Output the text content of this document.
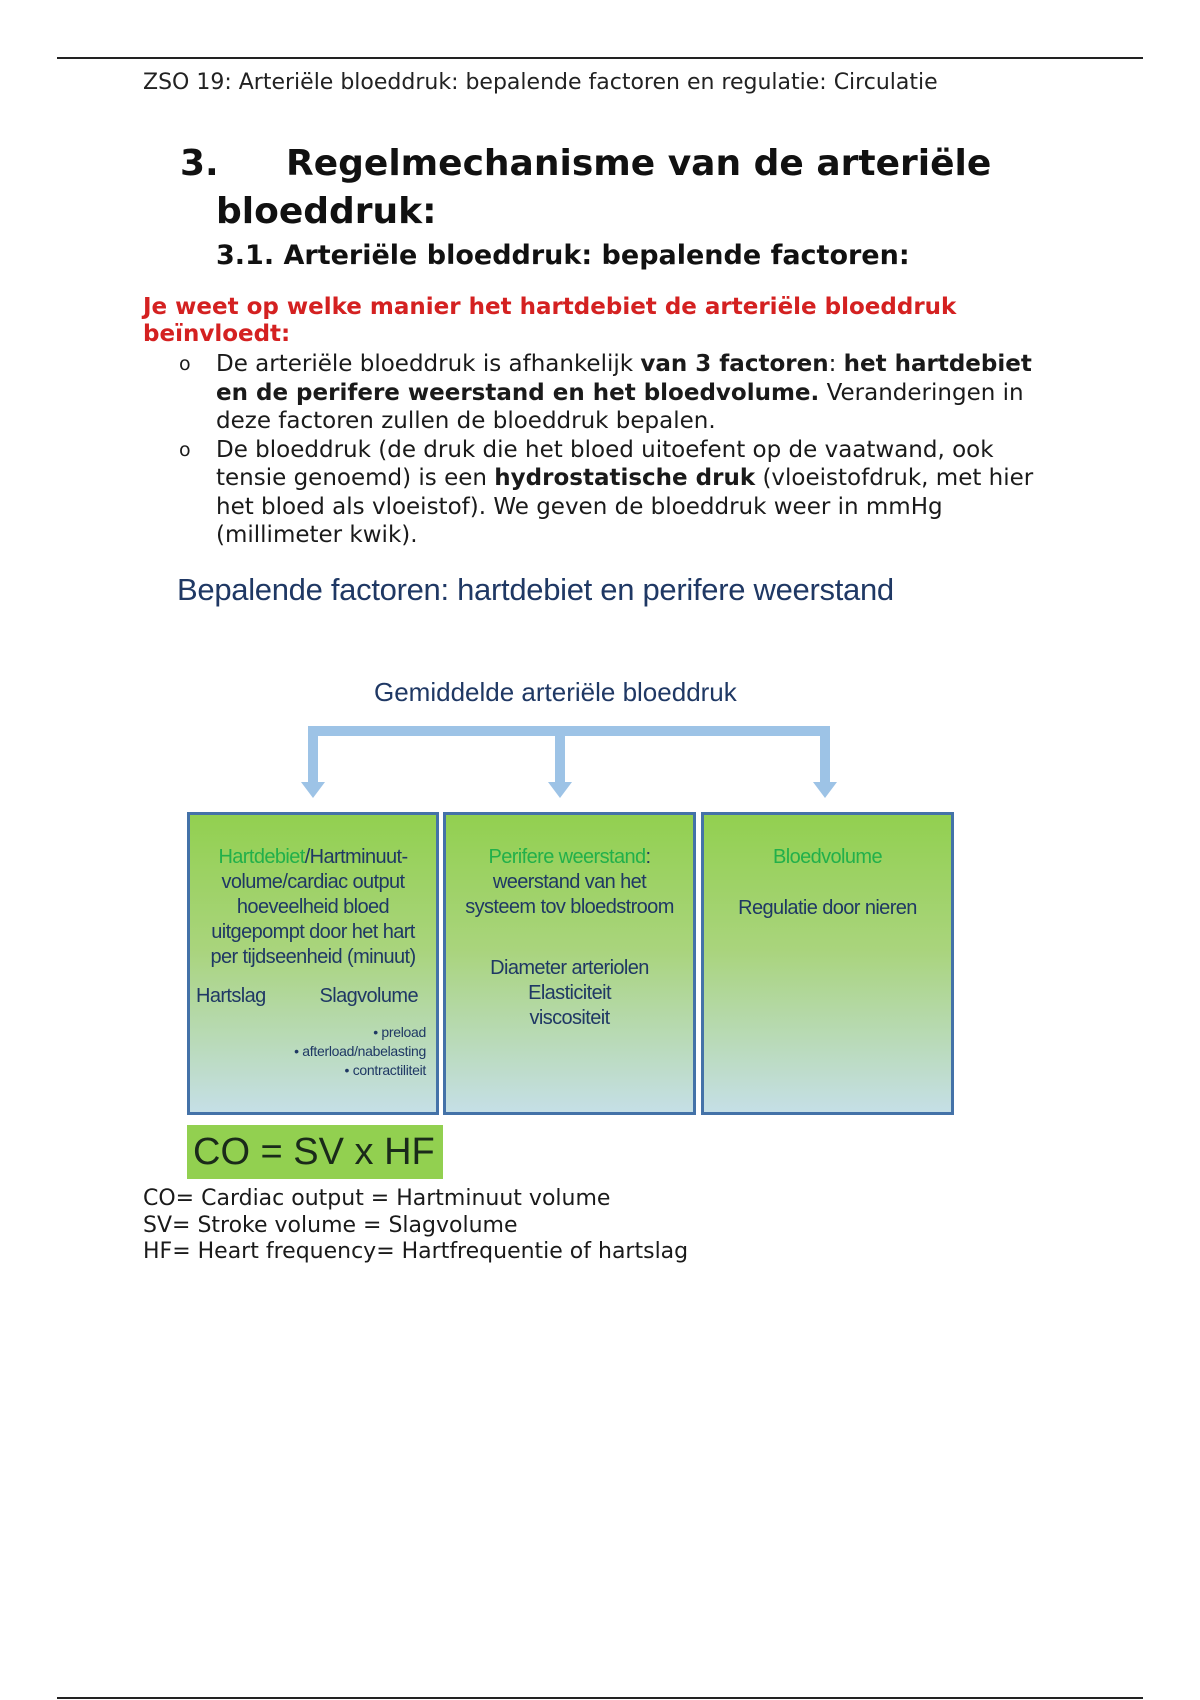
ZSO 19: Arteriële bloeddruk: bepalende factoren en regulatie: Circulatie
3. Regelmechanisme van de arteriële
bloeddruk:
3.1. Arteriële bloeddruk: bepalende factoren:
Je weet op welke manier het hartdebiet de arteriële bloeddruk beïnvloedt:
o De arteriële bloeddruk is afhankelijk van 3 factoren: het hartdebiet en de perifere weerstand en het bloedvolume. Veranderingen in deze factoren zullen de bloeddruk bepalen.
o De bloeddruk (de druk die het bloed uitoefent op de vaatwand, ook tensie genoemd) is een hydrostatische druk (vloeistofdruk, met hier het bloed als vloeistof). We geven de bloeddruk weer in mmHg (millimeter kwik).
Bepalende factoren: hartdebiet en perifere weerstand
Gemiddelde arteriële bloeddruk
Hartdebiet/Hartminuut-
volume/cardiac output
hoeveelheid bloed
uitgepompt door het hart
per tijdseenheid (minuut)
Hartslag	Slagvolume
• preload
• afterload/nabelasting
• contractiliteit
Perifere weerstand:
weerstand van het
systeem tov bloedstroom
Diameter arteriolen
Elasticiteit
viscositeit
Bloedvolume
Regulatie door nieren
CO = SV x HF
CO= Cardiac output = Hartminuut volume
SV= Stroke volume = Slagvolume
HF= Heart frequency= Hartfrequentie of hartslag
